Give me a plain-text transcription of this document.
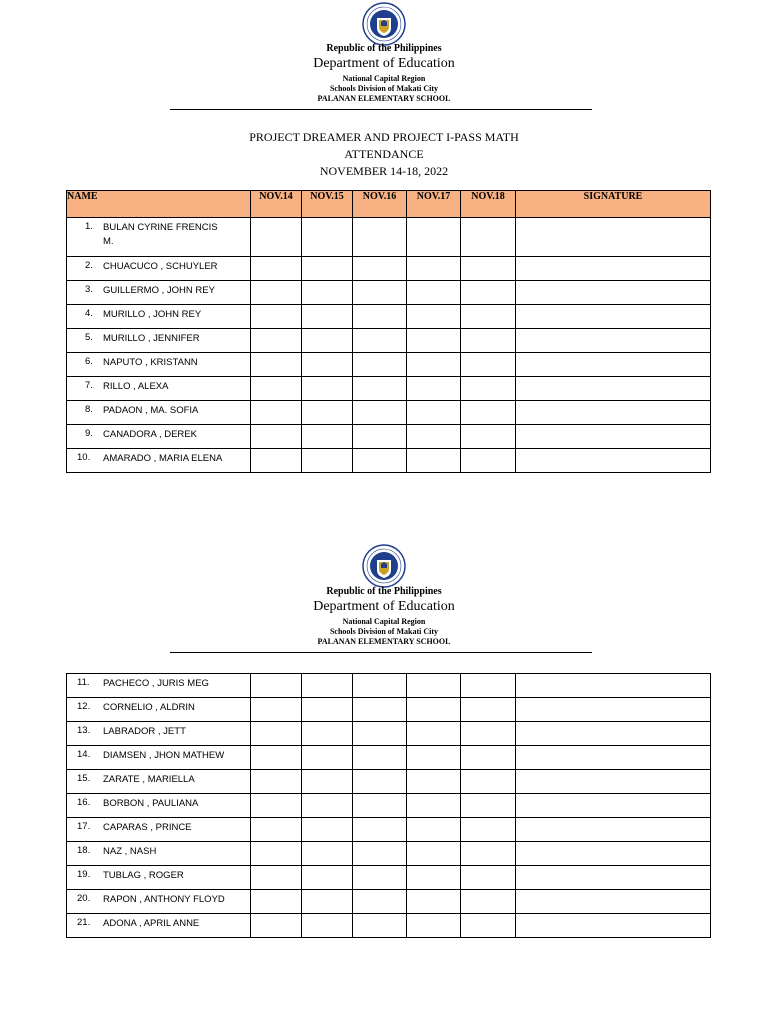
Republic of the Philippines
Department of Education
National Capital Region
Schools Division of Makati City
PALANAN ELEMENTARY SCHOOL
PROJECT DREAMER AND PROJECT I-PASS MATH
ATTENDANCE
NOVEMBER 14-18, 2022
NAME	NOV.14	NOV.15	NOV.16	NOV.17	NOV.18	SIGNATURE

1. BULAN CYRINE FRENCIS
M.						

2. CHUACUCO , SCHUYLER						

3. GUILLERMO , JOHN REY						

4. MURILLO , JOHN REY						

5. MURILLO , JENNIFER						

6. NAPUTO , KRISTANN						

7. RILLO , ALEXA						

8. PADAON , MA. SOFIA						

9. CANADORA , DEREK						

10. AMARADO , MARIA ELENA						

Republic of the Philippines
Department of Education
National Capital Region
Schools Division of Makati City
PALANAN ELEMENTARY SCHOOL
11. PACHECO , JURIS MEG						

12. CORNELIO , ALDRIN						

13. LABRADOR , JETT						

14. DIAMSEN , JHON MATHEW						

15. ZARATE , MARIELLA						

16. BORBON , PAULIANA						

17. CAPARAS , PRINCE						

18. NAZ , NASH						

19. TUBLAG , ROGER						

20. RAPON , ANTHONY FLOYD						

21. ADONA , APRIL ANNE						
